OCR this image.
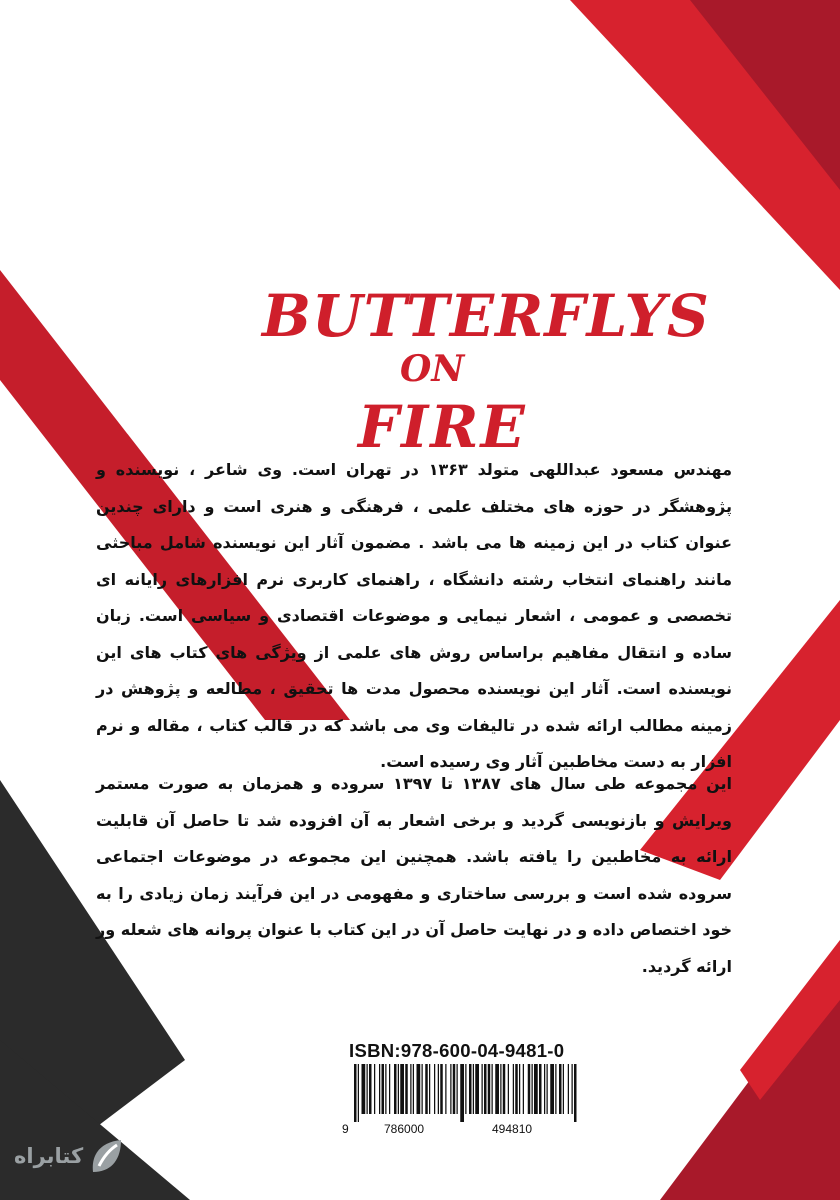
BUTTERFLYS
ON
FIRE

مهندس مسعود عبداللهی متولد ۱۳۶۳ در تهران است. وی شاعر ، نویسنده و پژوهشگر در حوزه های مختلف علمی ، فرهنگی و هنری است و دارای چندین عنوان کتاب در این زمینه ها می باشد . مضمون آثار این نویسنده شامل مباحثی مانند راهنمای انتخاب رشته دانشگاه ، راهنمای کاربری نرم افزارهای رایانه ای تخصصی و عمومی ، اشعار نیمایی و موضوعات اقتصادی و سیاسی است. زبان ساده و انتقال مفاهیم براساس روش های علمی از ویژگی های کتاب های این نویسنده است. آثار این نویسنده محصول مدت ها تحقیق ، مطالعه و پژوهش در زمینه مطالب ارائه شده در تالیفات وی می باشد که در قالب کتاب ، مقاله و نرم افزار به دست مخاطبین آثار وی رسیده است.

این مجموعه طی سال های ۱۳۸۷ تا ۱۳۹۷ سروده و همزمان به صورت مستمر ویرایش و بازنویسی گردید و برخی اشعار به آن افزوده شد تا حاصل آن قابلیت ارائه به مخاطبین را یافته باشد. همچنین این مجموعه در موضوعات اجتماعی سروده شده است و بررسی ساختاری و مفهومی در این فرآیند زمان زیادی را به خود اختصاص داده و در نهایت حاصل آن در این کتاب با عنوان پروانه های شعله ور ارائه گردید.

ISBN:978-600-04-9481-0
9	786000	494810
کتابراه
